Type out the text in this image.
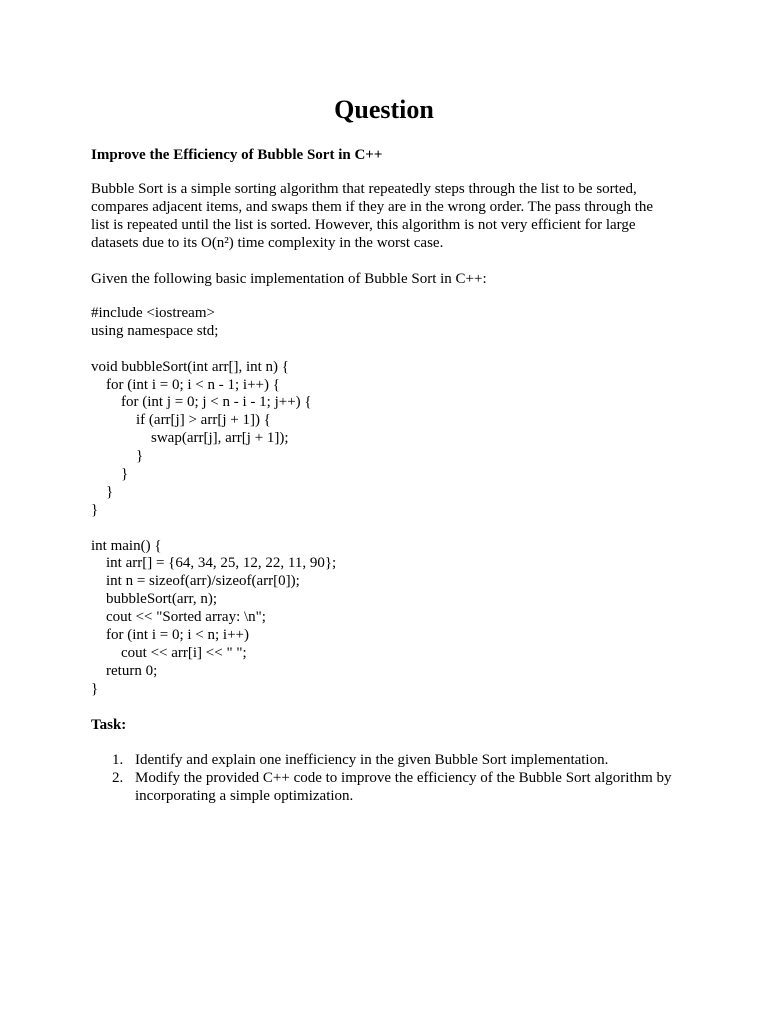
Question

Improve the Efficiency of Bubble Sort in C++

Bubble Sort is a simple sorting algorithm that repeatedly steps through the list to be sorted,
compares adjacent items, and swaps them if they are in the wrong order. The pass through the
list is repeated until the list is sorted. However, this algorithm is not very efficient for large
datasets due to its O(n²) time complexity in the worst case.

Given the following basic implementation of Bubble Sort in C++:

#include <iostream>
using namespace std;
void bubbleSort(int arr[], int n) {
for (int i = 0; i < n - 1; i++) {
for (int j = 0; j < n - i - 1; j++) {
if (arr[j] > arr[j + 1]) {
swap(arr[j], arr[j + 1]);
}
}
}
}
int main() {
int arr[] = {64, 34, 25, 12, 22, 11, 90};
int n = sizeof(arr)/sizeof(arr[0]);
bubbleSort(arr, n);
cout << "Sorted array: \n";
for (int i = 0; i < n; i++)
cout << arr[i] << " ";
return 0;
}

Task:

1. Identify and explain one inefficiency in the given Bubble Sort implementation.
2. Modify the provided C++ code to improve the efficiency of the Bubble Sort algorithm by
incorporating a simple optimization.
